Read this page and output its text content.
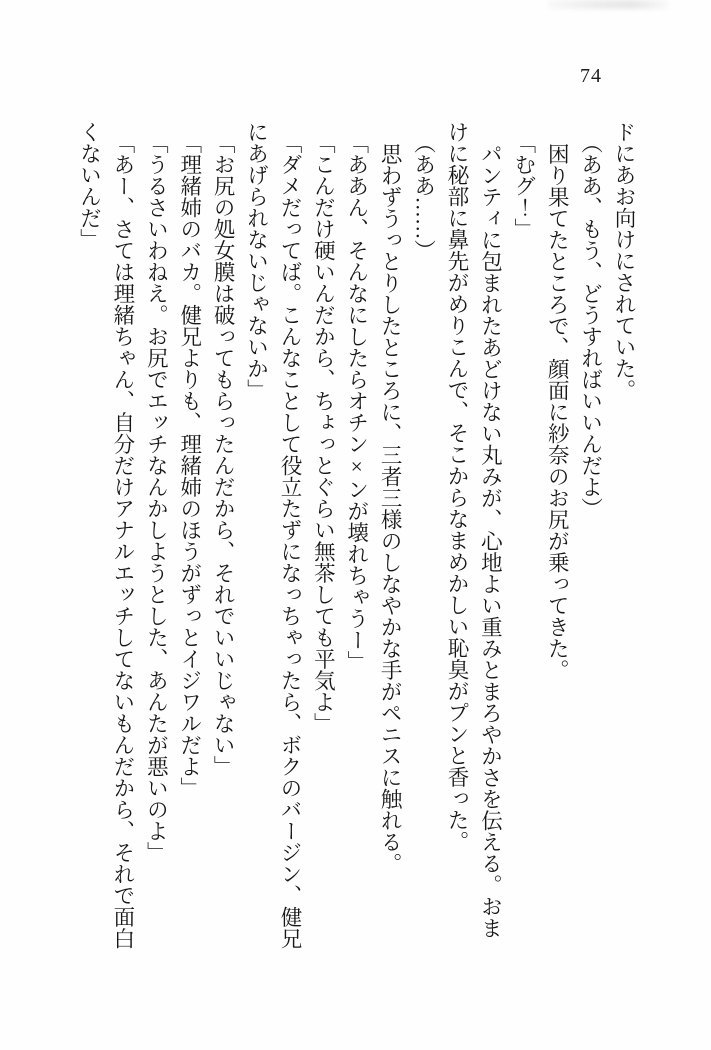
74

ドにあお向けにされていた。

（ああ、もう、どうすればいいんだよ）

困り果てたところで、顔面に紗奈のお尻が乗ってきた。

「むグ！」

パンティに包まれたあどけない丸みが、心地よい重みとまろやかさを伝える。おま

けに秘部に鼻先がめりこんで、そこからなまめかしい恥臭がプンと香った。

（ああ……）

思わずうっとりしたところに、三者三様のしなやかな手がペニスに触れる。

「ああん、そんなにしたらオチン×ンが壊れちゃうー」

「こんだけ硬いんだから、ちょっとぐらい無茶しても平気よ」

「ダメだってば。こんなことして役立たずになっちゃったら、ボクのバージン、健兄

にあげられないじゃないか」

「お尻の処女膜は破ってもらったんだから、それでいいじゃない」

「理緒姉のバカ。健兄よりも、理緒姉のほうがずっとイジワルだよ」

「うるさいわねえ。お尻でエッチなんかしようとした、あんたが悪いのよ」

「あー、さては理緒ちゃん、自分だけアナルエッチしてないもんだから、それで面白

くないんだ」
